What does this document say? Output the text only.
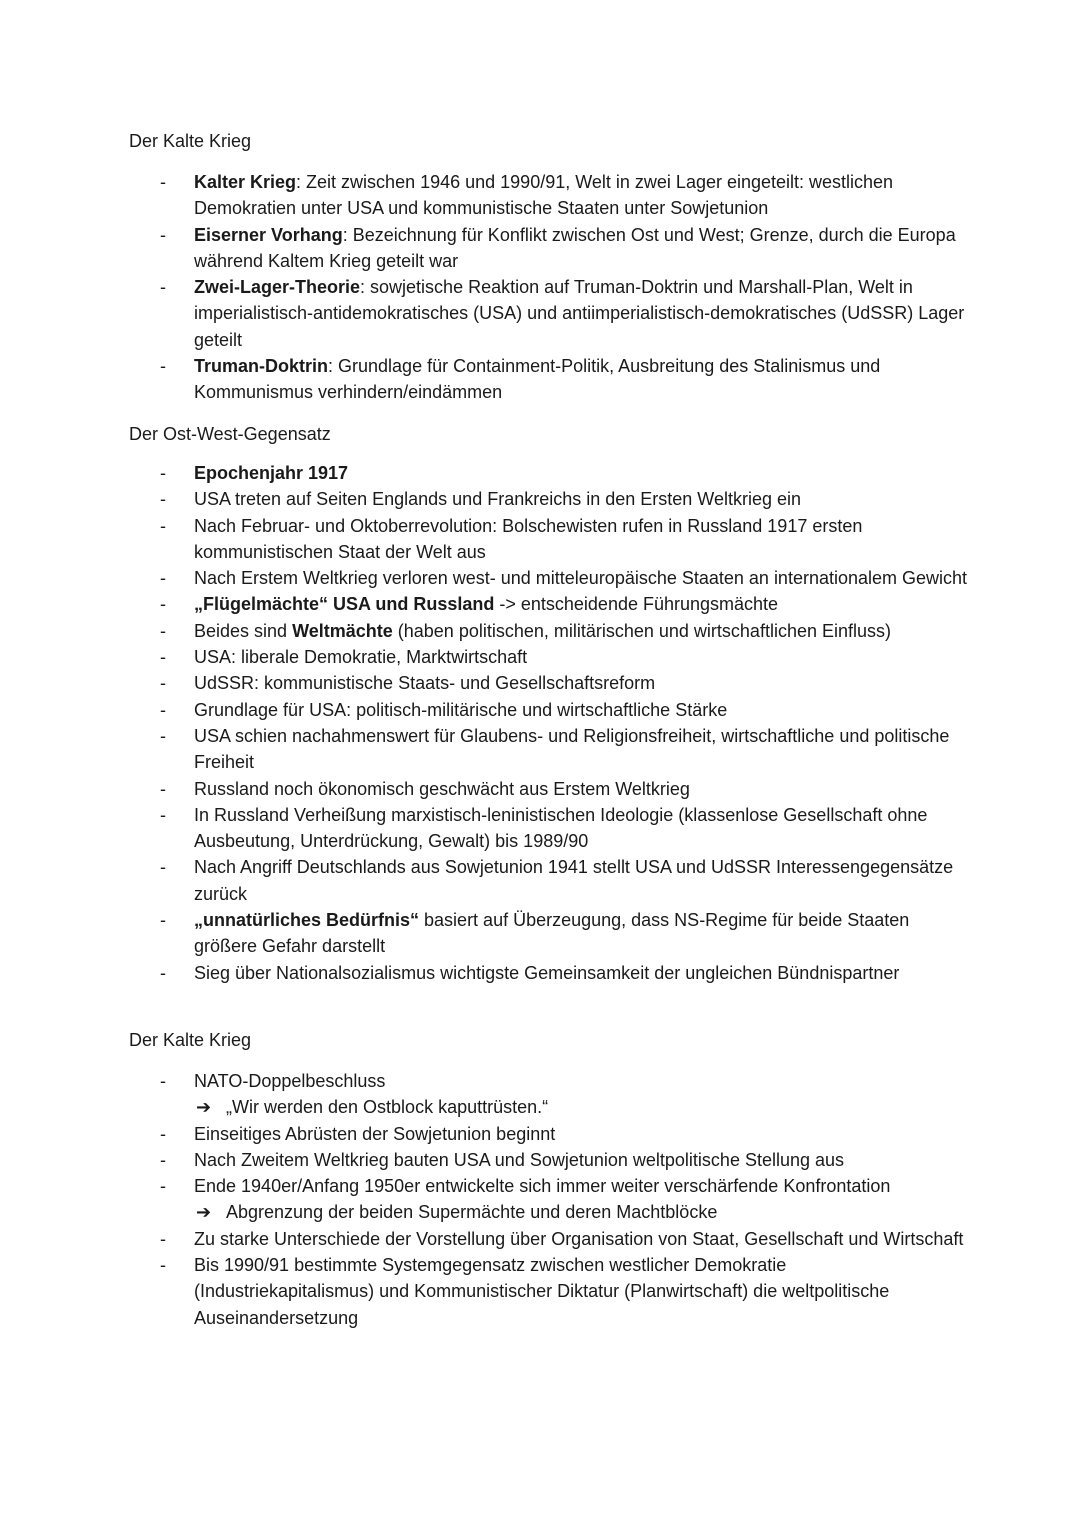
Der Kalte Krieg
- Kalter Krieg: Zeit zwischen 1946 und 1990/91, Welt in zwei Lager eingeteilt: westlichen Demokratien unter USA und kommunistische Staaten unter Sowjetunion
- Eiserner Vorhang: Bezeichnung für Konflikt zwischen Ost und West; Grenze, durch die Europa während Kaltem Krieg geteilt war
- Zwei-Lager-Theorie: sowjetische Reaktion auf Truman-Doktrin und Marshall-Plan, Welt in imperialistisch-antidemokratisches (USA) und antiimperialistisch-demokratisches (UdSSR) Lager geteilt
- Truman-Doktrin: Grundlage für Containment-Politik, Ausbreitung des Stalinismus und Kommunismus verhindern/eindämmen
Der Ost-West-Gegensatz
- Epochenjahr 1917
- USA treten auf Seiten Englands und Frankreichs in den Ersten Weltkrieg ein
- Nach Februar- und Oktoberrevolution: Bolschewisten rufen in Russland 1917 ersten kommunistischen Staat der Welt aus
- Nach Erstem Weltkrieg verloren west- und mitteleuropäische Staaten an internationalem Gewicht
- „Flügelmächte“ USA und Russland -> entscheidende Führungsmächte
- Beides sind Weltmächte (haben politischen, militärischen und wirtschaftlichen Einfluss)
- USA: liberale Demokratie, Marktwirtschaft
- UdSSR: kommunistische Staats- und Gesellschaftsreform
- Grundlage für USA: politisch-militärische und wirtschaftliche Stärke
- USA schien nachahmenswert für Glaubens- und Religionsfreiheit, wirtschaftliche und politische Freiheit
- Russland noch ökonomisch geschwächt aus Erstem Weltkrieg
- In Russland Verheißung marxistisch-leninistischen Ideologie (klassenlose Gesellschaft ohne Ausbeutung, Unterdrückung, Gewalt) bis 1989/90
- Nach Angriff Deutschlands aus Sowjetunion 1941 stellt USA und UdSSR Interessengegensätze zurück
- „unnatürliches Bedürfnis“ basiert auf Überzeugung, dass NS-Regime für beide Staaten größere Gefahr darstellt
- Sieg über Nationalsozialismus wichtigste Gemeinsamkeit der ungleichen Bündnispartner
Der Kalte Krieg
- NATO-Doppelbeschluss
➔ „Wir werden den Ostblock kaputtrüsten.“
- Einseitiges Abrüsten der Sowjetunion beginnt
- Nach Zweitem Weltkrieg bauten USA und Sowjetunion weltpolitische Stellung aus
- Ende 1940er/Anfang 1950er entwickelte sich immer weiter verschärfende Konfrontation
➔ Abgrenzung der beiden Supermächte und deren Machtblöcke
- Zu starke Unterschiede der Vorstellung über Organisation von Staat, Gesellschaft und Wirtschaft
- Bis 1990/91 bestimmte Systemgegensatz zwischen westlicher Demokratie (Industriekapitalismus) und Kommunistischer Diktatur (Planwirtschaft) die weltpolitische Auseinandersetzung
